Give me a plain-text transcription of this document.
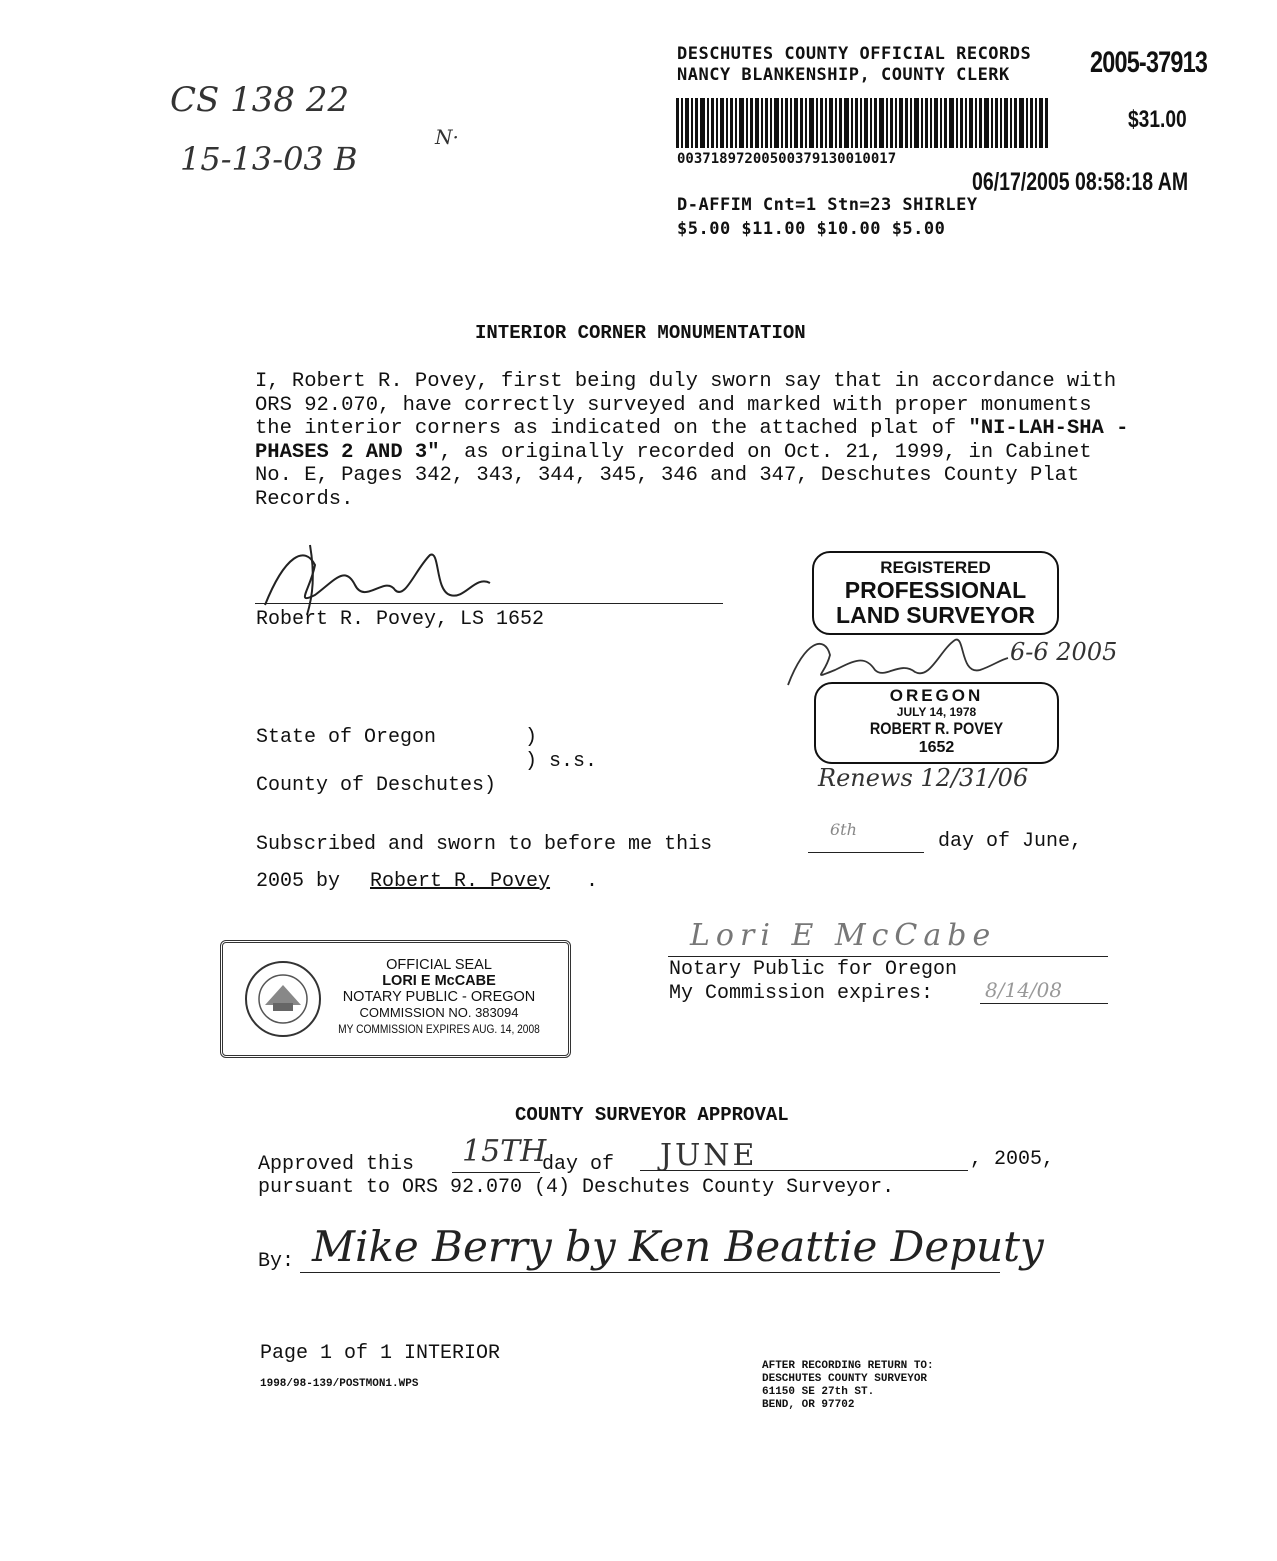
CS 138 22
15-13-03 B
N·
DESCHUTES COUNTY OFFICIAL RECORDS
NANCY BLANKENSHIP, COUNTY CLERK	2005-37913
$31.00
00371897200500379130010017
06/17/2005 08:58:18 AM
D-AFFIM Cnt=1 Stn=23 SHIRLEY
$5.00 $11.00 $10.00 $5.00
INTERIOR CORNER MONUMENTATION
I, Robert R. Povey, first being duly sworn say that in accordance with ORS 92.070, have correctly surveyed and marked with proper monuments the interior corners as indicated on the attached plat of "NI-LAH-SHA - PHASES 2 AND 3", as originally recorded on Oct. 21, 1999, in Cabinet No. E, Pages 342, 343, 344, 345, 346 and 347, Deschutes County Plat Records.
Robert R. Povey, LS 1652
REGISTERED
PROFESSIONAL
LAND SURVEYOR
6-6 2005
OREGON
JULY 14, 1978
ROBERT R. POVEY
1652
Renews 12/31/06
State of Oregon	)
) s.s.
County of Deschutes)
Subscribed and sworn to before me this
6th
day of June,
2005 by Robert R. Povey .
OFFICIAL SEAL
LORI E McCABE
NOTARY PUBLIC - OREGON
COMMISSION NO. 383094
MY COMMISSION EXPIRES AUG. 14, 2008
Lori E McCabe
Notary Public for Oregon
My Commission expires:	8/14/08
COUNTY SURVEYOR APPROVAL
Approved this 15TH
day of JUNE	, 2005,
pursuant to ORS 92.070 (4) Deschutes County Surveyor.
By: Mike Berry by Ken Beattie Deputy
Page 1 of 1 INTERIOR
1998/98-139/POSTMON1.WPS
AFTER RECORDING RETURN TO:
DESCHUTES COUNTY SURVEYOR
61150 SE 27th ST.
BEND, OR 97702
